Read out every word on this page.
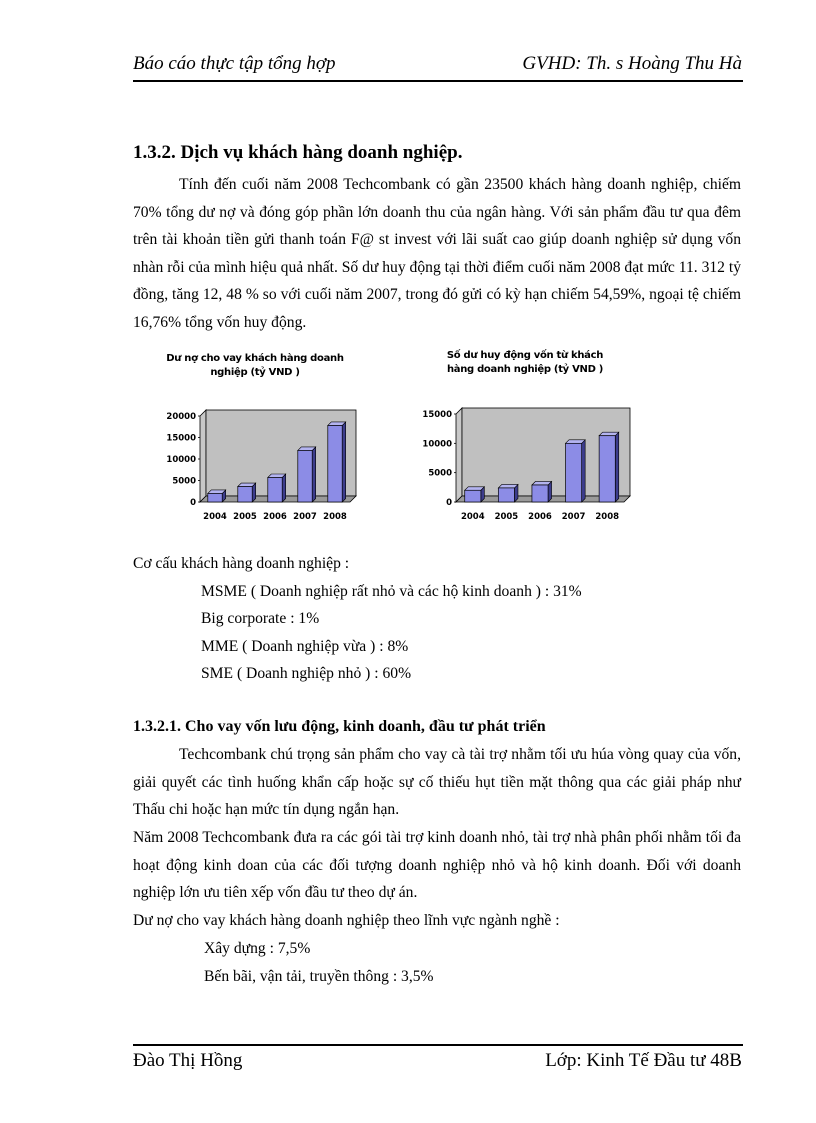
Báo cáo thực tập tổng hợp	GVHD: Th. s Hoàng Thu Hà
1.3.2. Dịch vụ khách hàng doanh nghiệp.

Tính đến cuối năm 2008 Techcombank có gần 23500 khách hàng doanh nghiệp, chiếm 70% tổng dư nợ và đóng góp phần lớn doanh thu của ngân hàng. Với sản phẩm đầu tư qua đêm trên tài khoản tiền gửi thanh toán F@ st invest với lãi suất cao giúp doanh nghiệp sử dụng vốn nhàn rỗi của mình hiệu quả nhất. Số dư huy động tại thời điểm cuối năm 2008 đạt mức 11. 312 tỷ đồng, tăng 12, 48 % so với cuối năm 2007, trong đó gửi có kỳ hạn chiếm 54,59%, ngoại tệ chiếm 16,76% tổng vốn huy động.

Dư nợ cho vay khách hàng doanh
nghiệp (tỷ VND )
0
5000
10000
15000
20000
2004 2005 2006 2007 2008
Số dư huy động vốn từ khách
hàng doanh nghiệp (tỷ VND )
0
5000
10000
15000
2004 2005 2006 2007 2008
Cơ cấu khách hàng doanh nghiệp :
MSME ( Doanh nghiệp rất nhỏ và các hộ kinh doanh ) : 31%
Big corporate : 1%
MME ( Doanh nghiệp vừa ) : 8%
SME ( Doanh nghiệp nhỏ ) : 60%
1.3.2.1. Cho vay vốn lưu động, kinh doanh, đầu tư phát triển

Techcombank chú trọng sản phẩm cho vay cà tài trợ nhằm tối ưu húa vòng quay của vốn, giải quyết các tình huống khẩn cấp hoặc sự cố thiếu hụt tiền mặt thông qua các giải pháp như Thấu chi hoặc hạn mức tín dụng ngắn hạn.

Năm 2008 Techcombank đưa ra các gói tài trợ kinh doanh nhỏ, tài trợ nhà phân phối nhằm tối đa hoạt động kinh doan của các đối tượng doanh nghiệp nhỏ và hộ kinh doanh. Đối với doanh nghiệp lớn ưu tiên xếp vốn đầu tư theo dự án.

Dư nợ cho vay khách hàng doanh nghiệp theo lĩnh vực ngành nghề :
Xây dựng : 7,5%
Bến bãi, vận tải, truyền thông : 3,5%
Đào Thị Hồng	Lớp: Kinh Tế Đầu tư 48B
